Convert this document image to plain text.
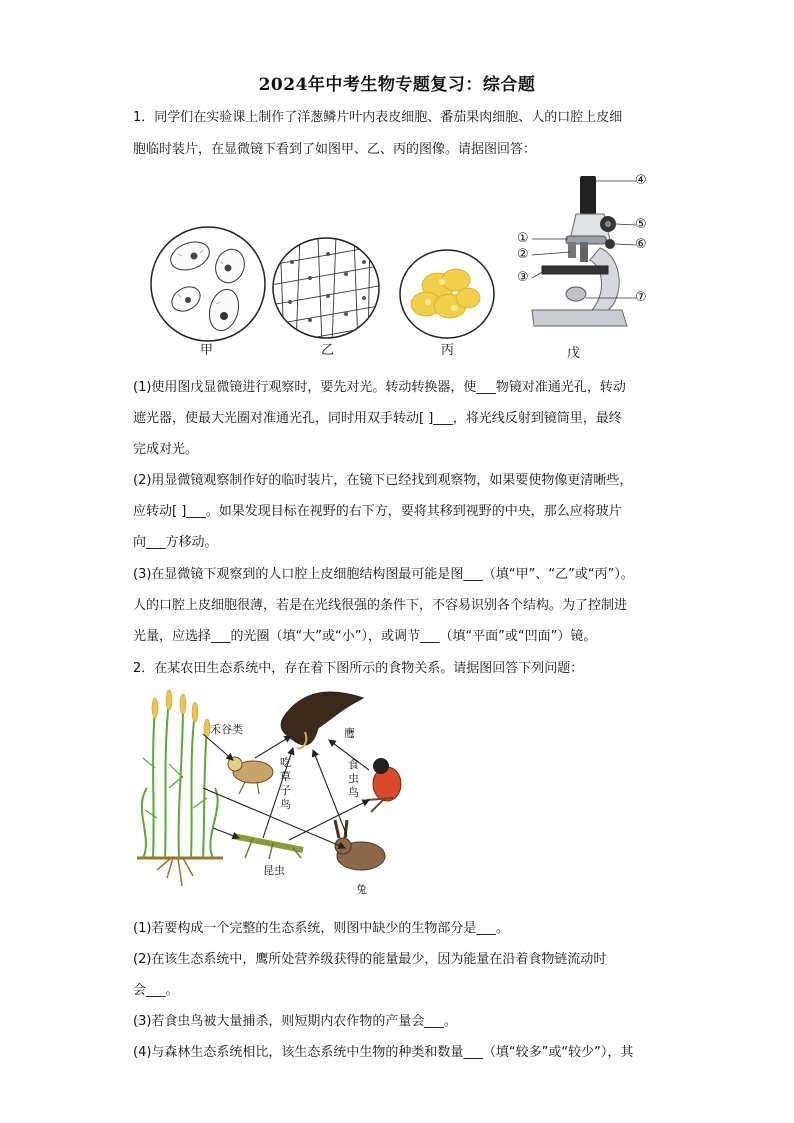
2024年中考生物专题复习：综合题
1．同学们在实验课上制作了洋葱鳞片叶内表皮细胞、番茄果肉细胞、人的口腔上皮细
胞临时装片，在显微镜下看到了如图甲、乙、丙的图像。请据图回答：
甲	乙	丙
④
⑤
⑥
⑦
①
②
③
戊
(1)使用图戊显微镜进行观察时，要先对光。转动转换器，使___物镜对准通光孔，转动
遮光器，使最大光圈对准通光孔，同时用双手转动[ ]___，将光线反射到镜筒里，最终
完成对光。
(2)用显微镜观察制作好的临时装片，在镜下已经找到观察物，如果要使物像更清晰些，
应转动[ ]___。如果发现目标在视野的右下方，要将其移到视野的中央，那么应将玻片
向___方移动。
(3)在显微镜下观察到的人口腔上皮细胞结构图最可能是图___（填“甲”、“乙”或“丙”）。
人的口腔上皮细胞很薄，若是在光线很强的条件下，不容易识别各个结构。为了控制进
光量，应选择___的光圈（填“大”或“小”），或调节___（填“平面”或“凹面”）镜。
2．在某农田生态系统中，存在着下图所示的食物关系。请据图回答下列问题：
禾谷类	鹰
吃
草
子
鸟
食
虫
鸟
昆虫
兔
(1)若要构成一个完整的生态系统，则图中缺少的生物部分是___。
(2)在该生态系统中，鹰所处营养级获得的能量最少，因为能量在沿着食物链流动时
会___。
(3)若食虫鸟被大量捕杀，则短期内农作物的产量会___。
(4)与森林生态系统相比，该生态系统中生物的种类和数量___（填“较多”或“较少”），其
